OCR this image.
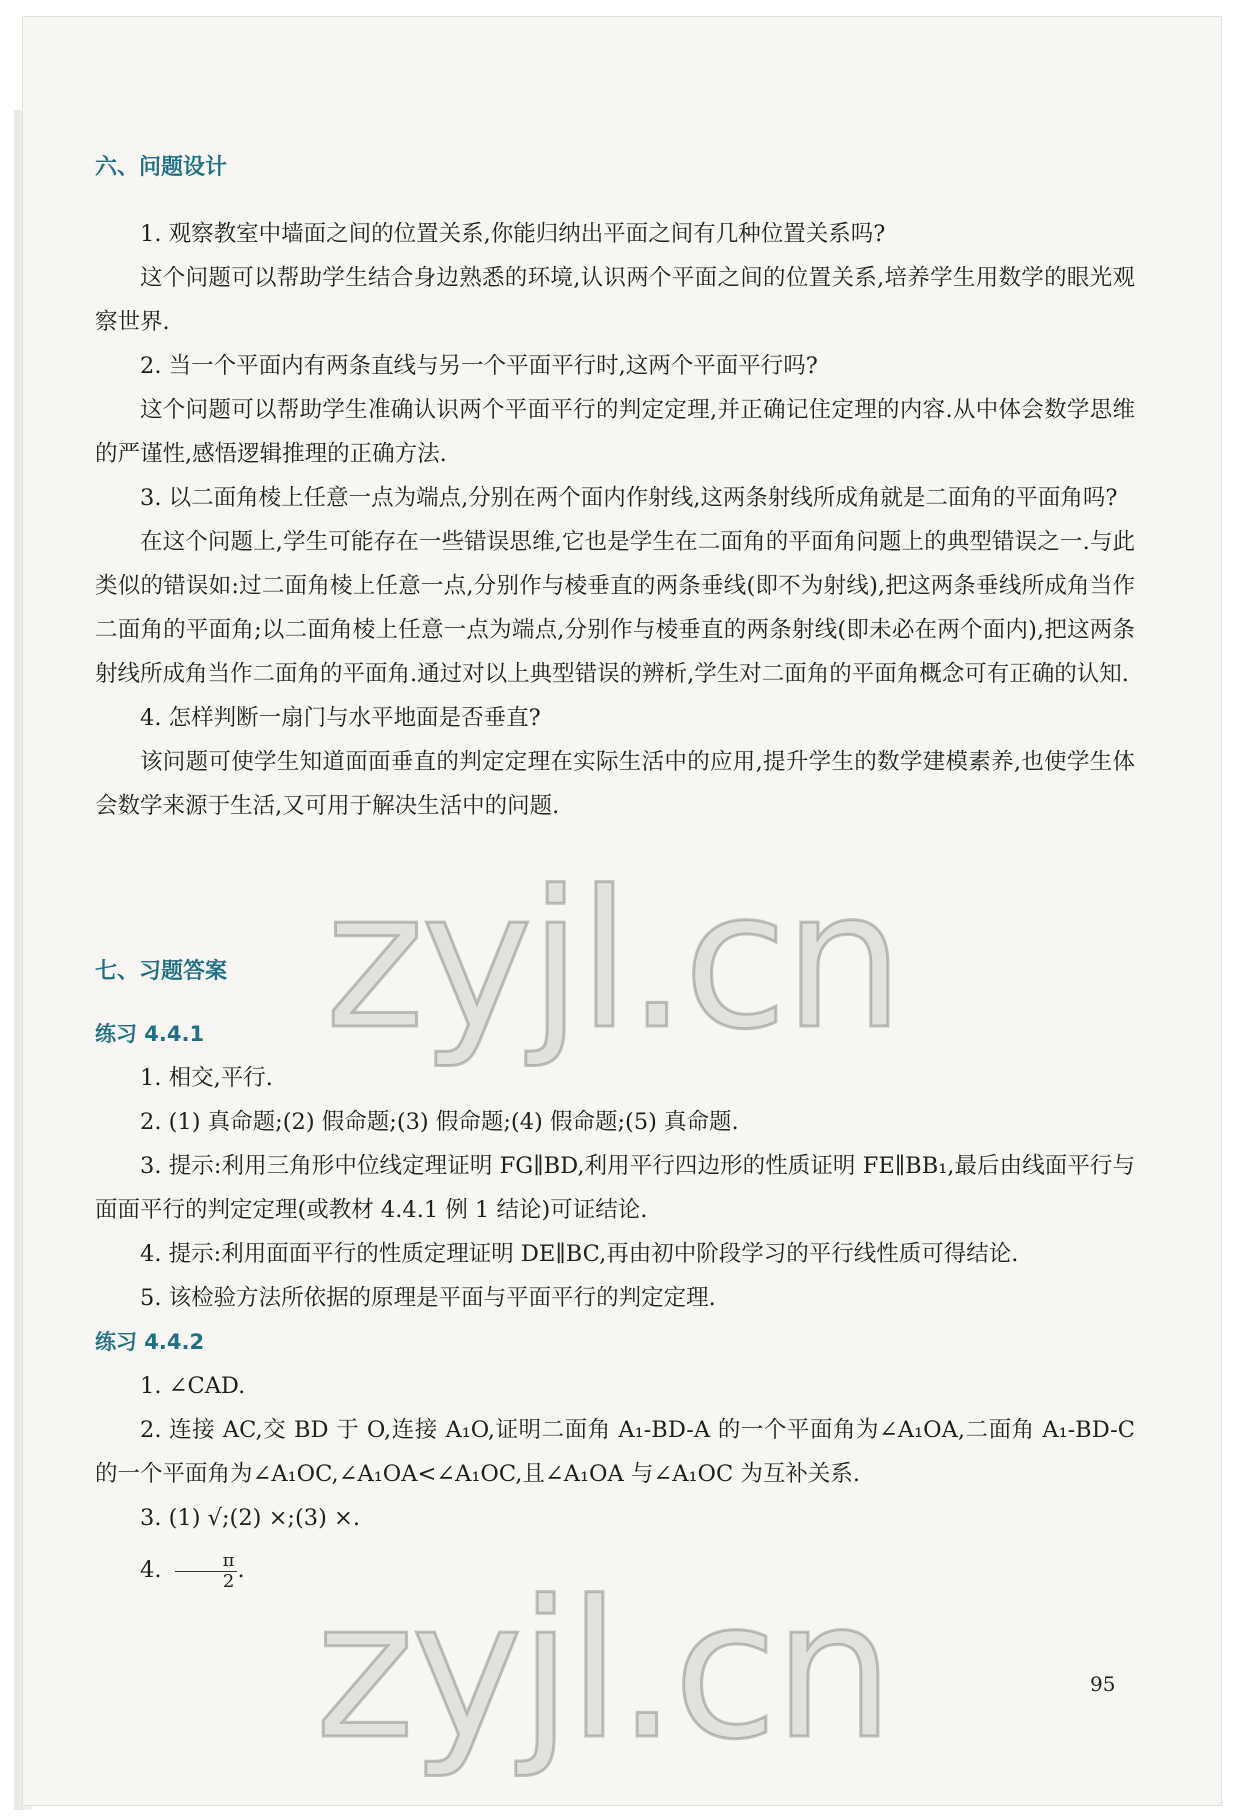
六、问题设计

1. 观察教室中墙面之间的位置关系,你能归纳出平面之间有几种位置关系吗?

这个问题可以帮助学生结合身边熟悉的环境,认识两个平面之间的位置关系,培养学生用数学的眼光观察世界.

2. 当一个平面内有两条直线与另一个平面平行时,这两个平面平行吗?

这个问题可以帮助学生准确认识两个平面平行的判定定理,并正确记住定理的内容.从中体会数学思维的严谨性,感悟逻辑推理的正确方法.

3. 以二面角棱上任意一点为端点,分别在两个面内作射线,这两条射线所成角就是二面角的平面角吗?

在这个问题上,学生可能存在一些错误思维,它也是学生在二面角的平面角问题上的典型错误之一.与此类似的错误如:过二面角棱上任意一点,分别作与棱垂直的两条垂线(即不为射线),把这两条垂线所成角当作二面角的平面角;以二面角棱上任意一点为端点,分别作与棱垂直的两条射线(即未必在两个面内),把这两条射线所成角当作二面角的平面角.通过对以上典型错误的辨析,学生对二面角的平面角概念可有正确的认知.

4. 怎样判断一扇门与水平地面是否垂直?

该问题可使学生知道面面垂直的判定定理在实际生活中的应用,提升学生的数学建模素养,也使学生体会数学来源于生活,又可用于解决生活中的问题.

七、习题答案
练习 4.4.1

1. 相交,平行.

2. (1) 真命题;(2) 假命题;(3) 假命题;(4) 假命题;(5) 真命题.

3. 提示:利用三角形中位线定理证明 FG∥BD,利用平行四边形的性质证明 FE∥BB₁,最后由线面平行与面面平行的判定定理(或教材 4.4.1 例 1 结论)可证结论.

4. 提示:利用面面平行的性质定理证明 DE∥BC,再由初中阶段学习的平行线性质可得结论.

5. 该检验方法所依据的原理是平面与平面平行的判定定理.

练习 4.4.2

1. ∠CAD.

2. 连接 AC,交 BD 于 O,连接 A₁O,证明二面角 A₁-BD-A 的一个平面角为∠A₁OA,二面角 A₁-BD-C 的一个平面角为∠A₁OC,∠A₁OA<∠A₁OC,且∠A₁OA 与∠A₁OC 为互补关系.

3. (1) √;(2) ×;(3) ×.

4. $\frac{\pi}{2}$ .

zyjl.cn
zyjl.cn	95
